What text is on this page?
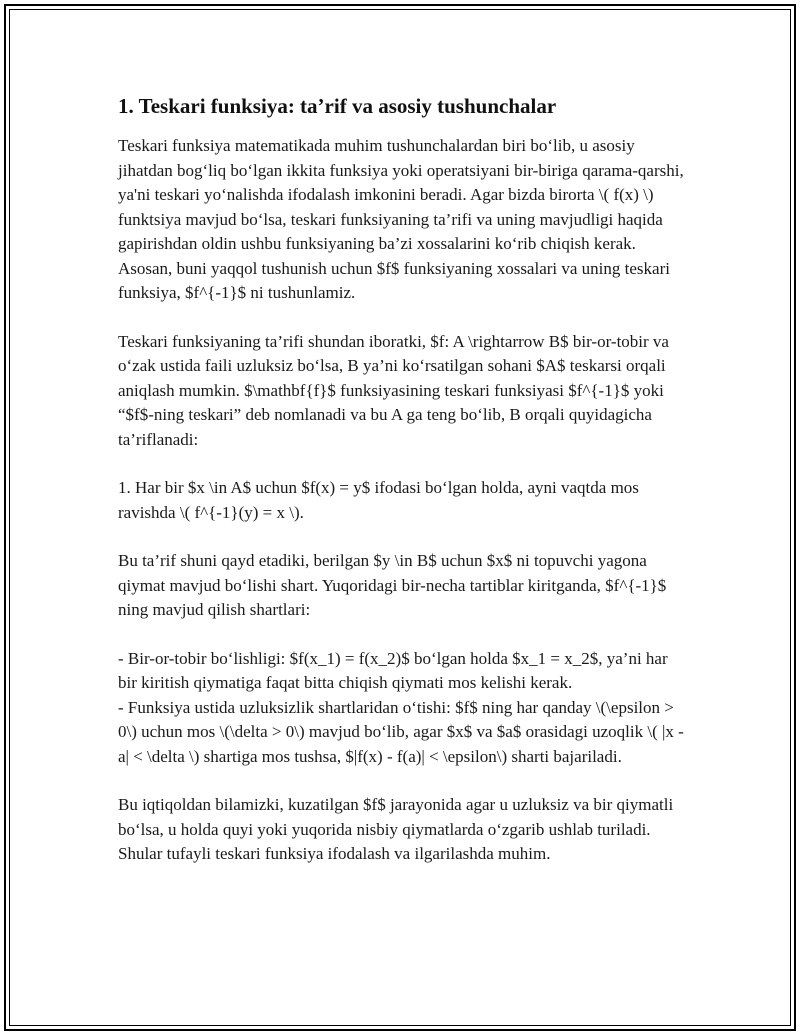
1. Teskari funksiya: ta’rif va asosiy tushunchalar

Teskari funksiya matematikada muhim tushunchalardan biri bo‘lib, u asosiy jihatdan bog‘liq bo‘lgan ikkita funksiya yoki operatsiyani bir-biriga qarama-qarshi, ya'ni teskari yo‘nalishda ifodalash imkonini beradi. Agar bizda birorta \( f(x) \) funktsiya mavjud bo‘lsa, teskari funksiyaning ta’rifi va uning mavjudligi haqida gapirishdan oldin ushbu funksiyaning ba’zi xossalarini ko‘rib chiqish kerak. Asosan, buni yaqqol tushunish uchun $f$ funksiyaning xossalari va uning teskari funksiya, $f^{-1}$ ni tushunlamiz.

Teskari funksiyaning ta’rifi shundan iboratki, $f: A \rightarrow B$ bir-or-tobir va o‘zak ustida faili uzluksiz bo‘lsa, B ya’ni ko‘rsatilgan sohani $A$ teskarsi orqali aniqlash mumkin. $\mathbf{f}$ funksiyasining teskari funksiyasi $f^{-1}$ yoki “$f$-ning teskari” deb nomlanadi va bu A ga teng bo‘lib, B orqali quyidagicha ta’riflanadi:

1. Har bir $x \in A$ uchun $f(x) = y$ ifodasi bo‘lgan holda, ayni vaqtda mos ravishda \( f^{-1}(y) = x \).

Bu ta’rif shuni qayd etadiki, berilgan $y \in B$ uchun $x$ ni topuvchi yagona qiymat mavjud bo‘lishi shart. Yuqoridagi bir-necha tartiblar kiritganda, $f^{-1}$ ning mavjud qilish shartlari:

- Bir-or-tobir bo‘lishligi: $f(x_1) = f(x_2)$ bo‘lgan holda $x_1 = x_2$, ya’ni har bir kiritish qiymatiga faqat bitta chiqish qiymati mos kelishi kerak.

- Funksiya ustida uzluksizlik shartlaridan o‘tishi: $f$ ning har qanday \(\epsilon > 0\) uchun mos \(\delta > 0\) mavjud bo‘lib, agar $x$ va $a$ orasidagi uzoqlik \( |x - a| < \delta \) shartiga mos tushsa, $|f(x) - f(a)| < \epsilon\) sharti bajariladi.

Bu iqtiqoldan bilamizki, kuzatilgan $f$ jarayonida agar u uzluksiz va bir qiymatli bo‘lsa, u holda quyi yoki yuqorida nisbiy qiymatlarda o‘zgarib ushlab turiladi. Shular tufayli teskari funksiya ifodalash va ilgarilashda muhim.
